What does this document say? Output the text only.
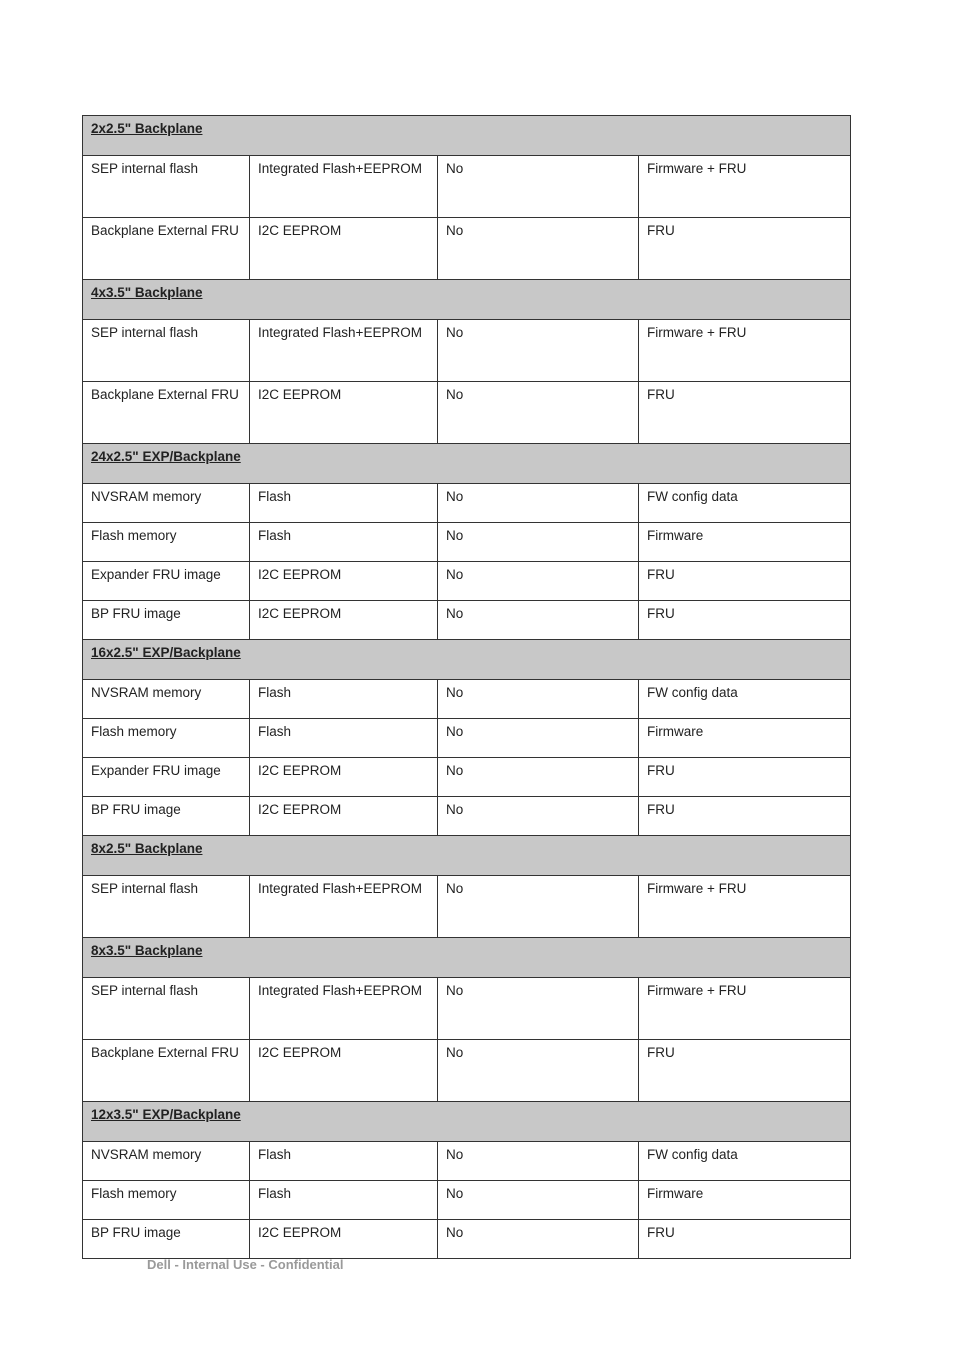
2x2.5" Backplane			
SEP internal flash	Integrated Flash+EEPROM	No	Firmware + FRU
Backplane External FRU	I2C EEPROM	No	FRU
4x3.5" Backplane			
SEP internal flash	Integrated Flash+EEPROM	No	Firmware + FRU
Backplane External FRU	I2C EEPROM	No	FRU
24x2.5" EXP/Backplane			
NVSRAM memory	Flash	No	FW config data
Flash memory	Flash	No	Firmware
Expander FRU image	I2C EEPROM	No	FRU
BP FRU image	I2C EEPROM	No	FRU
16x2.5" EXP/Backplane			
NVSRAM memory	Flash	No	FW config data
Flash memory	Flash	No	Firmware
Expander FRU image	I2C EEPROM	No	FRU
BP FRU image	I2C EEPROM	No	FRU
8x2.5" Backplane			
SEP internal flash	Integrated Flash+EEPROM	No	Firmware + FRU
8x3.5" Backplane			
SEP internal flash	Integrated Flash+EEPROM	No	Firmware + FRU
Backplane External FRU	I2C EEPROM	No	FRU
12x3.5" EXP/Backplane			
NVSRAM memory	Flash	No	FW config data
Flash memory	Flash	No	Firmware
BP FRU image	I2C EEPROM	No	FRU
Dell - Internal Use - Confidential
